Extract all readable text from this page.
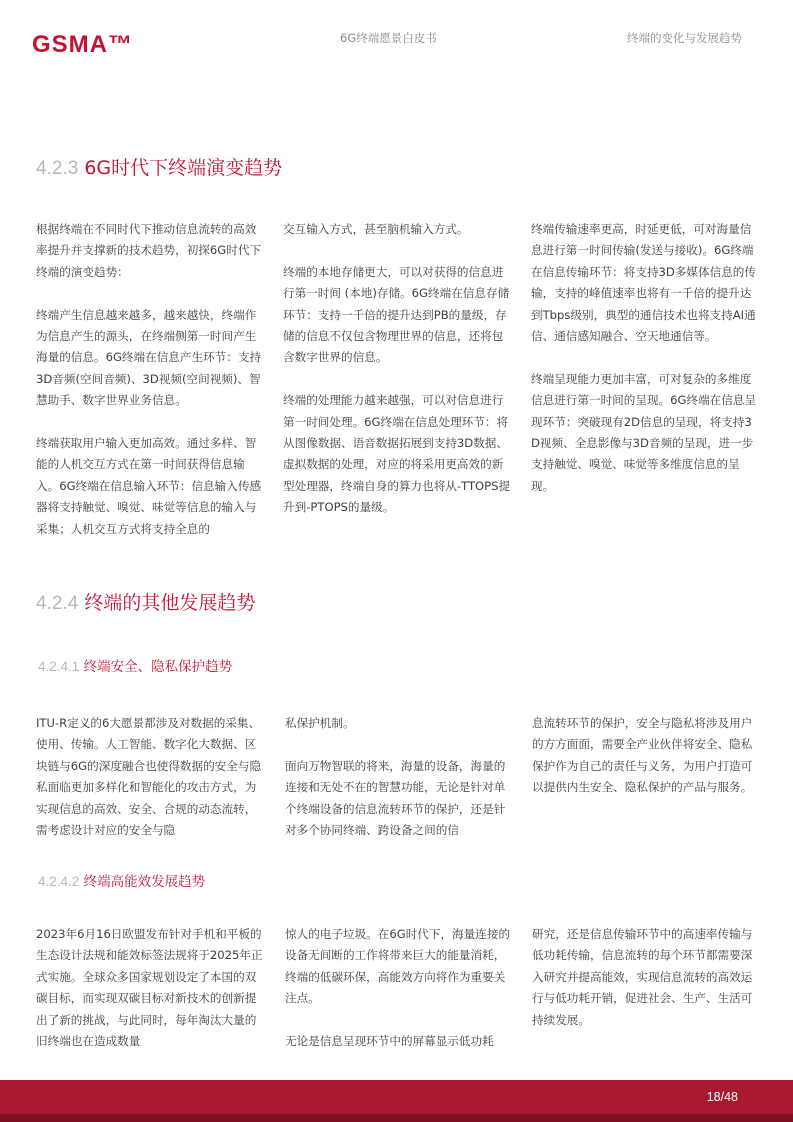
GSMA™	6G终端愿景白皮书	终端的变化与发展趋势
4.2.3 6G时代下终端演变趋势

根据终端在不同时代下推动信息流转的高效率提升并支撑新的技术趋势，初探6G时代下终端的演变趋势：

终端产生信息越来越多，越来越快，终端作为信息产生的源头，在终端侧第一时间产生海量的信息。6G终端在信息产生环节：支持3D音频(空间音频)、3D视频(空间视频)、智慧助手、数字世界业务信息。

终端获取用户输入更加高效。通过多样、智能的人机交互方式在第一时间获得信息输入。6G终端在信息输入环节：信息输入传感器将支持触觉、嗅觉、味觉等信息的输入与采集；人机交互方式将支持全息的

交互输入方式，甚至脑机输入方式。

终端的本地存储更大，可以对获得的信息进行第一时间 (本地)存储。6G终端在信息存储环节：支持一千倍的提升达到PB的量级，存储的信息不仅包含物理世界的信息，还将包含数字世界的信息。

终端的处理能力越来越强，可以对信息进行第一时间处理。6G终端在信息处理环节：将从图像数据、语音数据拓展到支持3D数据、虚拟数据的处理，对应的将采用更高效的新型处理器，终端自身的算力也将从-TTOPS提升到-PTOPS的量级。

终端传输速率更高，时延更低，可对海量信息进行第一时间传输(发送与接收)。6G终端在信息传输环节：将支持3D多媒体信息的传输，支持的峰值速率也将有一千倍的提升达到Tbps级别，典型的通信技术也将支持AI通信、通信感知融合、空天地通信等。

终端呈现能力更加丰富，可对复杂的多维度信息进行第一时间的呈现。6G终端在信息呈现环节：突破现有2D信息的呈现，将支持3D视频、全息影像与3D音频的呈现，进一步支持触觉、嗅觉、味觉等多维度信息的呈现。

4.2.4 终端的其他发展趋势
4.2.4.1 终端安全、隐私保护趋势

ITU-R定义的6大愿景都涉及对数据的采集、使用、传输。人工智能、数字化大数据、区块链与6G的深度融合也使得数据的安全与隐私面临更加多样化和智能化的攻击方式，为实现信息的高效、安全、合规的动态流转，需考虑设计对应的安全与隐

私保护机制。

面向万物智联的将来，海量的设备，海量的连接和无处不在的智慧功能，无论是针对单个终端设备的信息流转环节的保护，还是针对多个协同终端、跨设备之间的信

息流转环节的保护，安全与隐私将涉及用户的方方面面，需要全产业伙伴将安全、隐私保护作为自己的责任与义务，为用户打造可以提供内生安全、隐私保护的产品与服务。

4.2.4.2 终端高能效发展趋势

2023年6月16日欧盟发布针对手机和平板的生态设计法规和能效标签法规将于2025年正式实施。全球众多国家规划设定了本国的双碳目标，而实现双碳目标对新技术的创新提出了新的挑战，与此同时，每年淘汰大量的旧终端也在造成数量

惊人的电子垃圾。在6G时代下，海量连接的设备无间断的工作将带来巨大的能量消耗，终端的低碳环保，高能效方向将作为重要关注点。

无论是信息呈现环节中的屏幕显示低功耗

研究，还是信息传输环节中的高速率传输与低功耗传输，信息流转的每个环节都需要深入研究并提高能效，实现信息流转的高效运行与低功耗开销，促进社会、生产、生活可持续发展。

18/48
